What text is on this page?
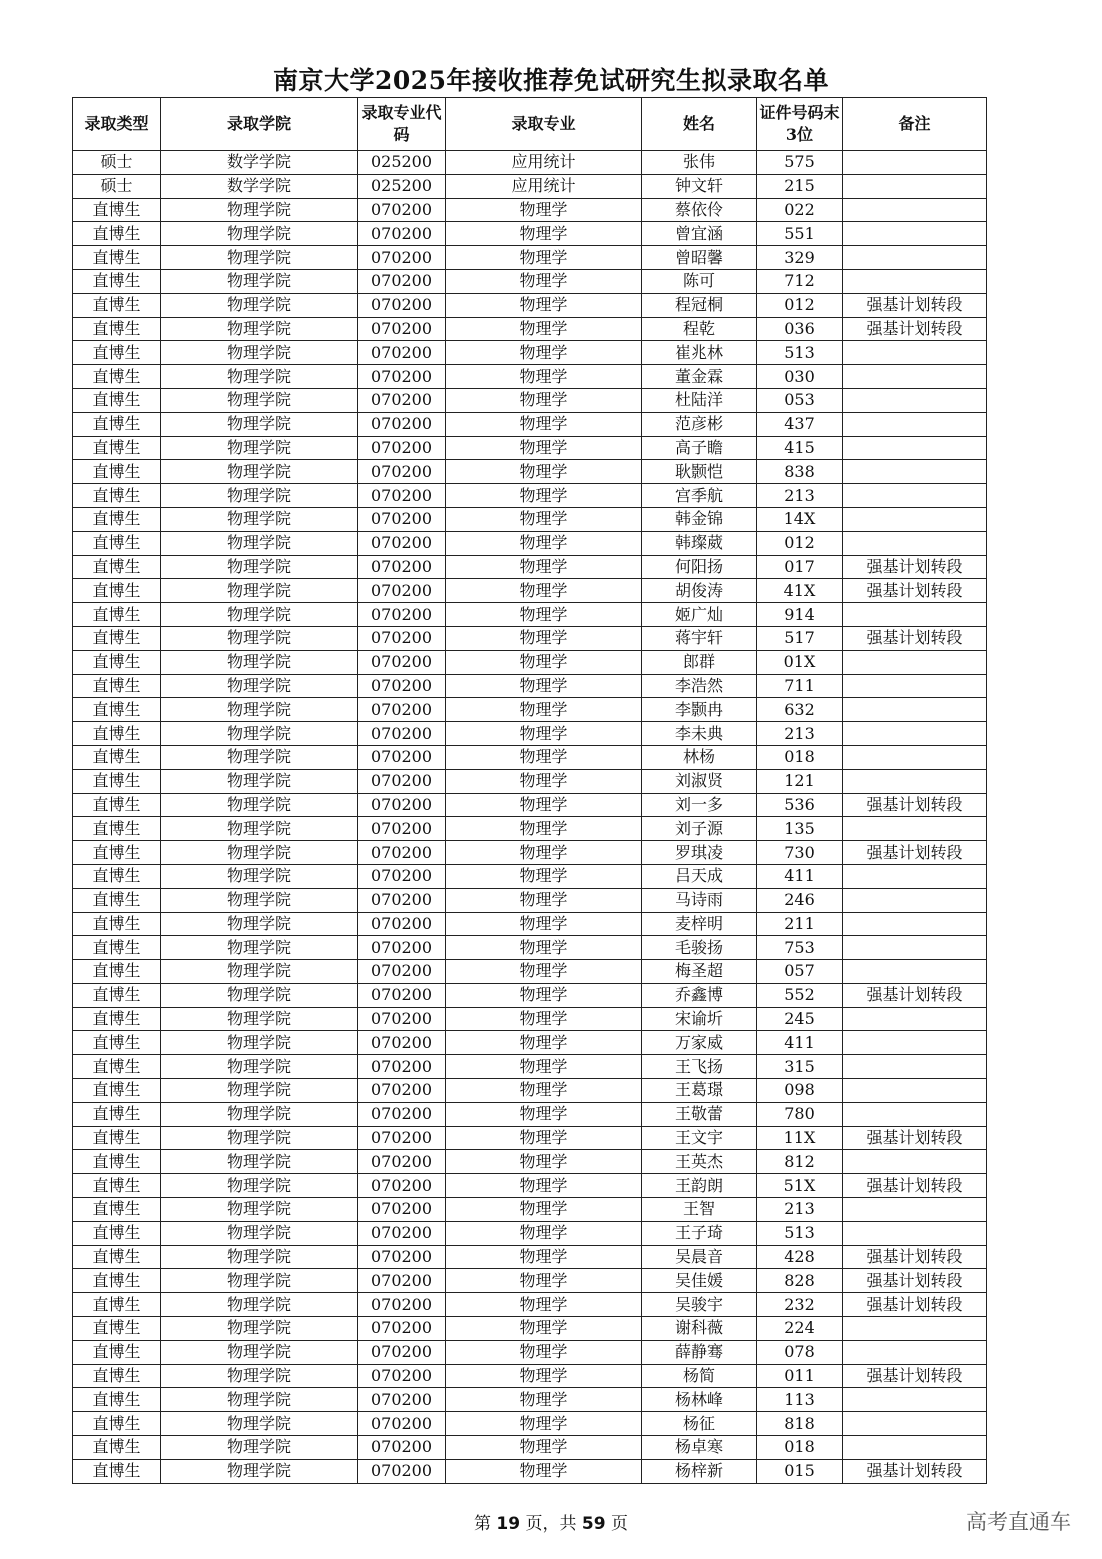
南京大学2025年接收推荐免试研究生拟录取名单
录取类型	录取学院	录取专业代码	录取专业	姓名	证件号码末3位	备注
硕士	数学学院	025200	应用统计	张伟	575	
硕士	数学学院	025200	应用统计	钟文轩	215	
直博生	物理学院	070200	物理学	蔡依伶	022	
直博生	物理学院	070200	物理学	曾宜涵	551	
直博生	物理学院	070200	物理学	曾昭馨	329	
直博生	物理学院	070200	物理学	陈可	712	
直博生	物理学院	070200	物理学	程冠桐	012	强基计划转段
直博生	物理学院	070200	物理学	程乾	036	强基计划转段
直博生	物理学院	070200	物理学	崔兆林	513	
直博生	物理学院	070200	物理学	董金霖	030	
直博生	物理学院	070200	物理学	杜陆洋	053	
直博生	物理学院	070200	物理学	范彦彬	437	
直博生	物理学院	070200	物理学	高子瞻	415	
直博生	物理学院	070200	物理学	耿颢恺	838	
直博生	物理学院	070200	物理学	宫季航	213	
直博生	物理学院	070200	物理学	韩金锦	14X	
直博生	物理学院	070200	物理学	韩璨葳	012	
直博生	物理学院	070200	物理学	何阳扬	017	强基计划转段
直博生	物理学院	070200	物理学	胡俊涛	41X	强基计划转段
直博生	物理学院	070200	物理学	姬广灿	914	
直博生	物理学院	070200	物理学	蒋宇轩	517	强基计划转段
直博生	物理学院	070200	物理学	郎群	01X	
直博生	物理学院	070200	物理学	李浩然	711	
直博生	物理学院	070200	物理学	李颢冉	632	
直博生	物理学院	070200	物理学	李未典	213	
直博生	物理学院	070200	物理学	林杨	018	
直博生	物理学院	070200	物理学	刘淑贤	121	
直博生	物理学院	070200	物理学	刘一多	536	强基计划转段
直博生	物理学院	070200	物理学	刘子源	135	
直博生	物理学院	070200	物理学	罗琪凌	730	强基计划转段
直博生	物理学院	070200	物理学	吕天成	411	
直博生	物理学院	070200	物理学	马诗雨	246	
直博生	物理学院	070200	物理学	麦梓明	211	
直博生	物理学院	070200	物理学	毛骏扬	753	
直博生	物理学院	070200	物理学	梅圣超	057	
直博生	物理学院	070200	物理学	乔鑫博	552	强基计划转段
直博生	物理学院	070200	物理学	宋谕圻	245	
直博生	物理学院	070200	物理学	万家威	411	
直博生	物理学院	070200	物理学	王飞扬	315	
直博生	物理学院	070200	物理学	王葛璟	098	
直博生	物理学院	070200	物理学	王敬蕾	780	
直博生	物理学院	070200	物理学	王文宇	11X	强基计划转段
直博生	物理学院	070200	物理学	王英杰	812	
直博生	物理学院	070200	物理学	王韵朗	51X	强基计划转段
直博生	物理学院	070200	物理学	王智	213	
直博生	物理学院	070200	物理学	王子琦	513	
直博生	物理学院	070200	物理学	吴晨音	428	强基计划转段
直博生	物理学院	070200	物理学	吴佳媛	828	强基计划转段
直博生	物理学院	070200	物理学	吴骏宇	232	强基计划转段
直博生	物理学院	070200	物理学	谢科薇	224	
直博生	物理学院	070200	物理学	薛静骞	078	
直博生	物理学院	070200	物理学	杨简	011	强基计划转段
直博生	物理学院	070200	物理学	杨林峰	113	
直博生	物理学院	070200	物理学	杨征	818	
直博生	物理学院	070200	物理学	杨卓寒	018	
直博生	物理学院	070200	物理学	杨梓新	015	强基计划转段
第 19 页，共 59 页	高考直通车
